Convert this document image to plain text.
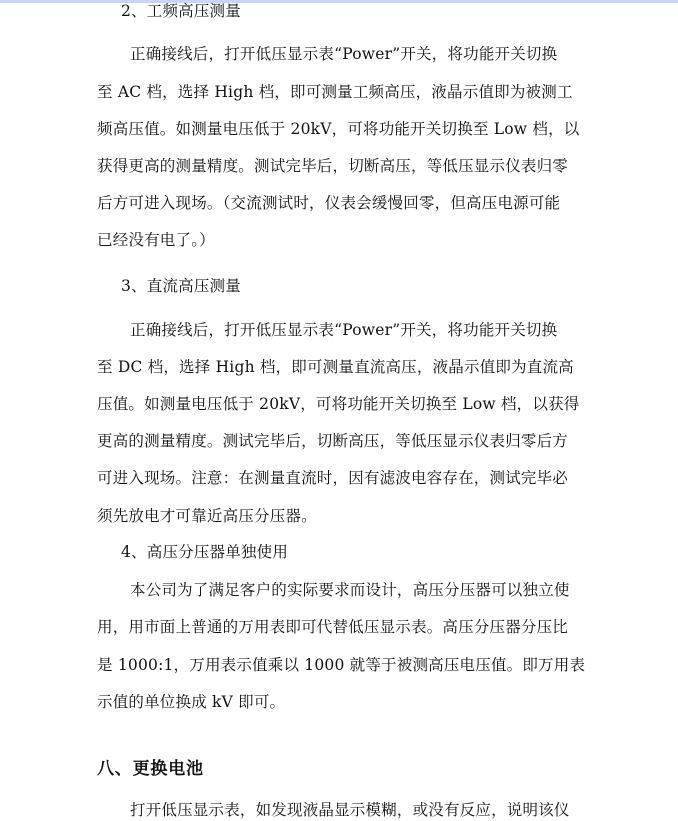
2、工频高压测量
正确接线后，打开低压显示表“Power”开关，将功能开关切换
至 AC 档，选择 High 档，即可测量工频高压，液晶示值即为被测工
频高压值。如测量电压低于 20kV，可将功能开关切换至 Low 档，以
获得更高的测量精度。测试完毕后，切断高压，等低压显示仪表归零
后方可进入现场。（交流测试时，仪表会缓慢回零，但高压电源可能
已经没有电了。）
3、直流高压测量
正确接线后，打开低压显示表“Power”开关，将功能开关切换
至 DC 档，选择 High 档，即可测量直流高压，液晶示值即为直流高
压值。如测量电压低于 20kV，可将功能开关切换至 Low 档，以获得
更高的测量精度。测试完毕后，切断高压，等低压显示仪表归零后方
可进入现场。注意：在测量直流时，因有滤波电容存在，测试完毕必
须先放电才可靠近高压分压器。
4、高压分压器单独使用
本公司为了满足客户的实际要求而设计，高压分压器可以独立使
用，用市面上普通的万用表即可代替低压显示表。高压分压器分压比
是 1000:1，万用表示值乘以 1000 就等于被测高压电压值。即万用表
示值的单位换成 kV 即可。
八、更换电池
打开低压显示表，如发现液晶显示模糊，或没有反应，说明该仪
